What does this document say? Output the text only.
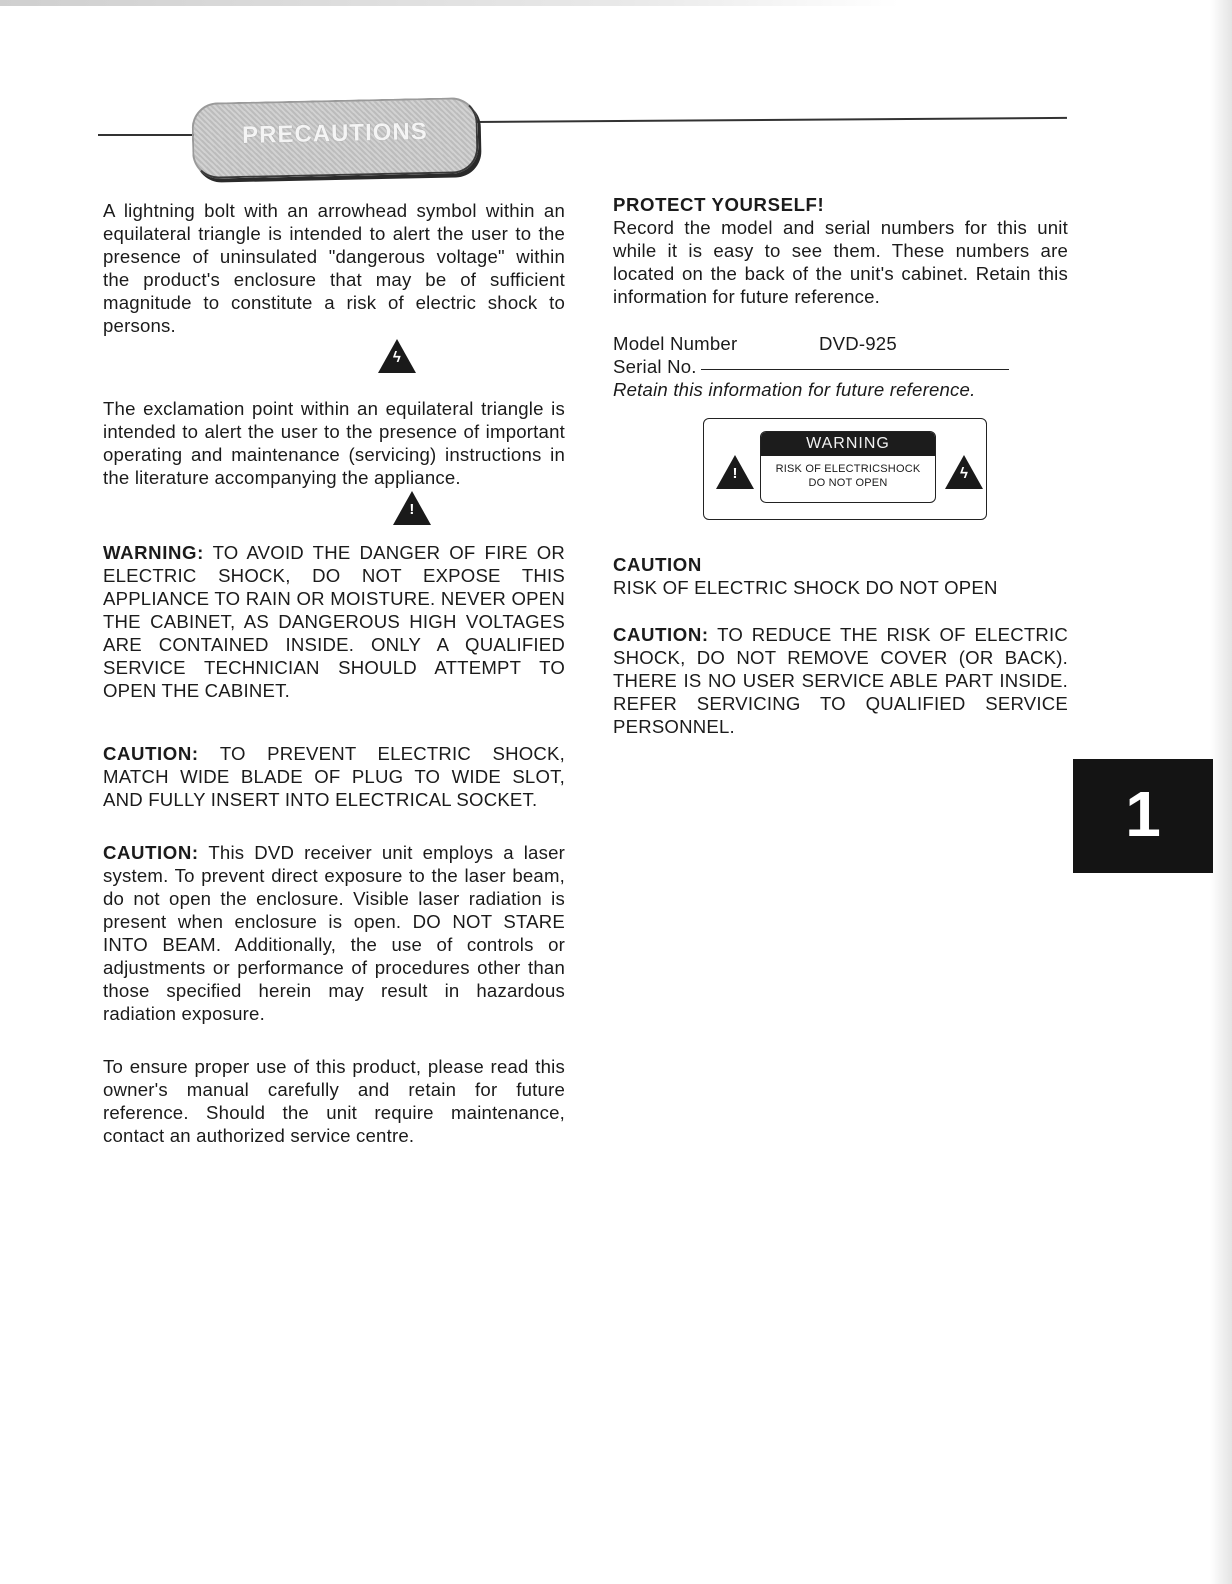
PRECAUTIONS

A lightning bolt with an arrowhead symbol within an equilateral triangle is intended to alert the user to the presence of uninsulated "dangerous voltage" within the product's enclosure that may be of sufficient magnitude to constitute a risk of electric shock to persons.

ϟ

The exclamation point within an equilateral triangle is intended to alert the user to the presence of important operating and maintenance (servicing) instructions in the literature accompanying the appliance.

!

WARNING: TO AVOID THE DANGER OF FIRE OR ELECTRIC SHOCK, DO NOT EXPOSE THIS APPLIANCE TO RAIN OR MOISTURE. NEVER OPEN THE CABINET, AS DANGEROUS HIGH VOLTAGES ARE CONTAINED INSIDE. ONLY A QUALIFIED SERVICE TECHNICIAN SHOULD ATTEMPT TO OPEN THE CABINET.

CAUTION: TO PREVENT ELECTRIC SHOCK, MATCH WIDE BLADE OF PLUG TO WIDE SLOT, AND FULLY INSERT INTO ELECTRICAL SOCKET.

CAUTION: This DVD receiver unit employs a laser system. To prevent direct exposure to the laser beam, do not open the enclosure. Visible laser radiation is present when enclosure is open. DO NOT STARE INTO BEAM. Additionally, the use of controls or adjustments or performance of procedures other than those specified herein may result in hazardous radiation exposure.

To ensure proper use of this product, please read this owner's manual carefully and retain for future reference. Should the unit require maintenance, contact an authorized service centre.

PROTECT YOURSELF!

Record the model and serial numbers for this unit while it is easy to see them. These numbers are located on the back of the unit's cabinet. Retain this information for future reference.

Model Number	DVD-925
Serial No.

Retain this information for future reference.

CAUTION

RISK OF ELECTRIC SHOCK DO NOT OPEN

CAUTION: TO REDUCE THE RISK OF ELECTRIC SHOCK, DO NOT REMOVE COVER (OR BACK). THERE IS NO USER SERVICE ABLE PART INSIDE. REFER SERVICING TO QUALIFIED SERVICE PERSONNEL.

!
WARNING
RISK OF ELECTRICSHOCK
DO NOT OPEN
ϟ
1
